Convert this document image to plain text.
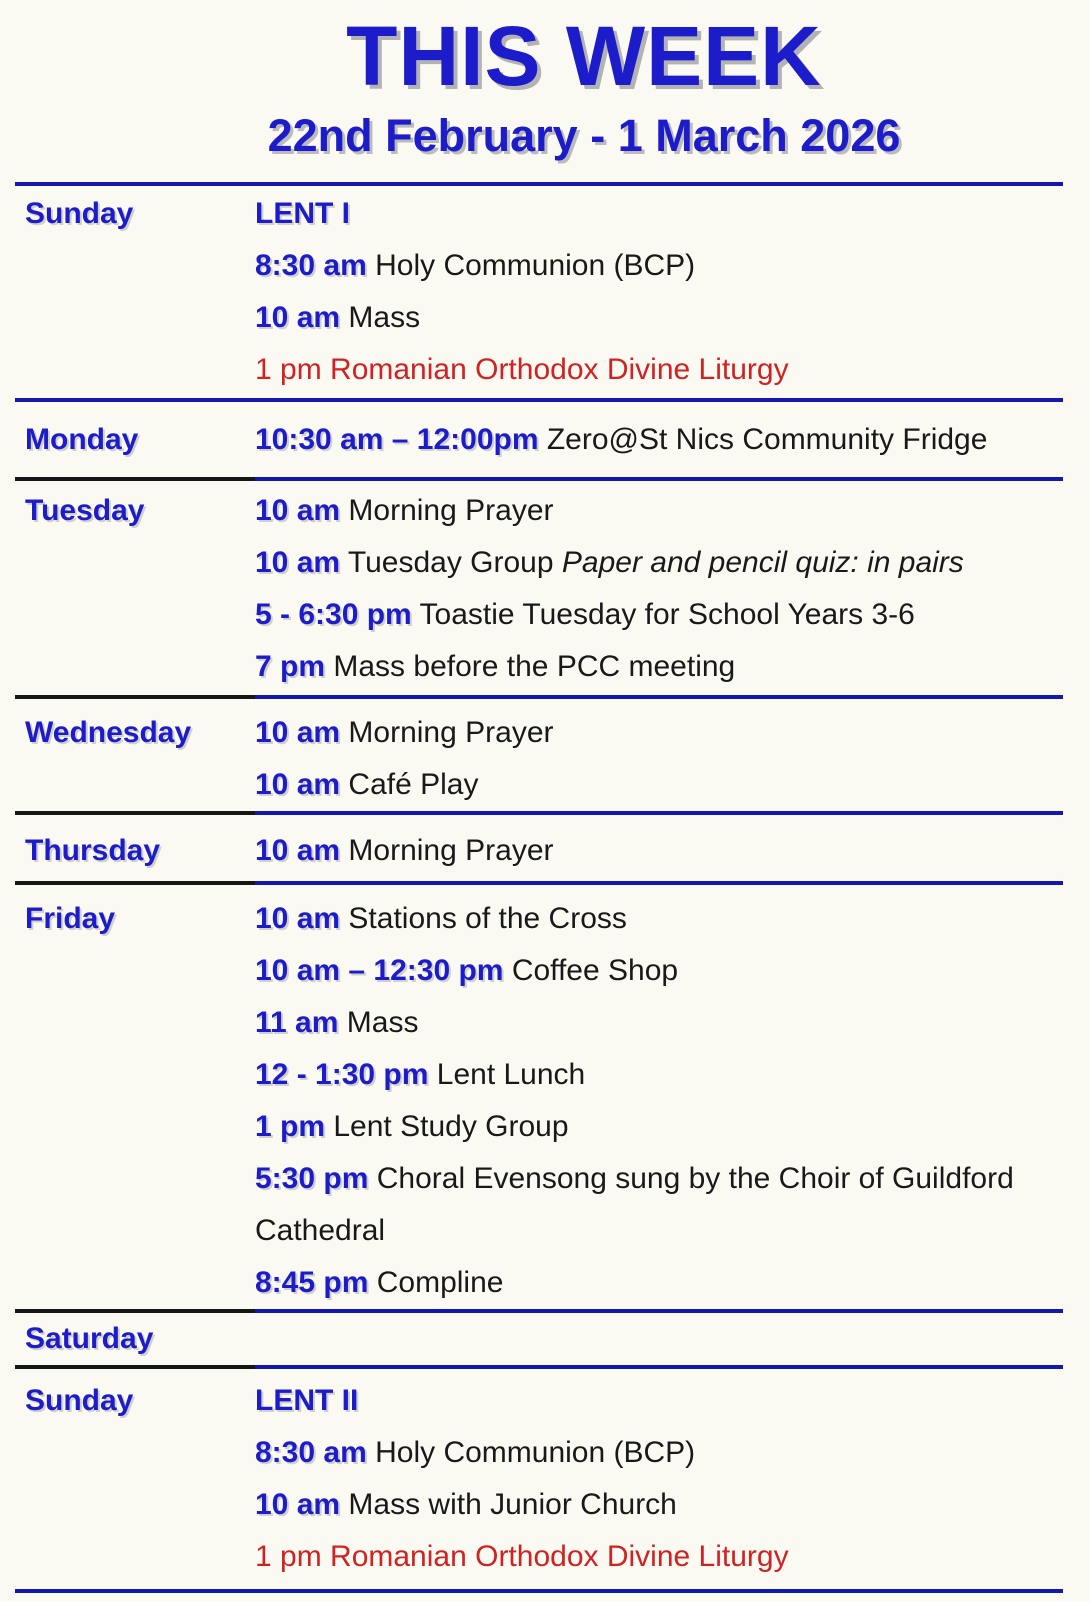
THIS WEEK
22nd February - 1 March 2026
Sunday	LENT I
8:30 am Holy Communion (BCP)
10 am Mass
1 pm Romanian Orthodox Divine Liturgy
Monday	10:30 am – 12:00pm Zero@St Nics Community Fridge
Tuesday	10 am Morning Prayer
10 am Tuesday Group Paper and pencil quiz: in pairs
5 - 6:30 pm Toastie Tuesday for School Years 3-6
7 pm Mass before the PCC meeting
Wednesday	10 am Morning Prayer
10 am Café Play
Thursday	10 am Morning Prayer
Friday	10 am Stations of the Cross
10 am – 12:30 pm Coffee Shop
11 am Mass
12 - 1:30 pm Lent Lunch
1 pm Lent Study Group
5:30 pm Choral Evensong sung by the Choir of Guildford Cathedral
8:45 pm Compline
Saturday
Sunday	LENT II
8:30 am Holy Communion (BCP)
10 am Mass with Junior Church
1 pm Romanian Orthodox Divine Liturgy
